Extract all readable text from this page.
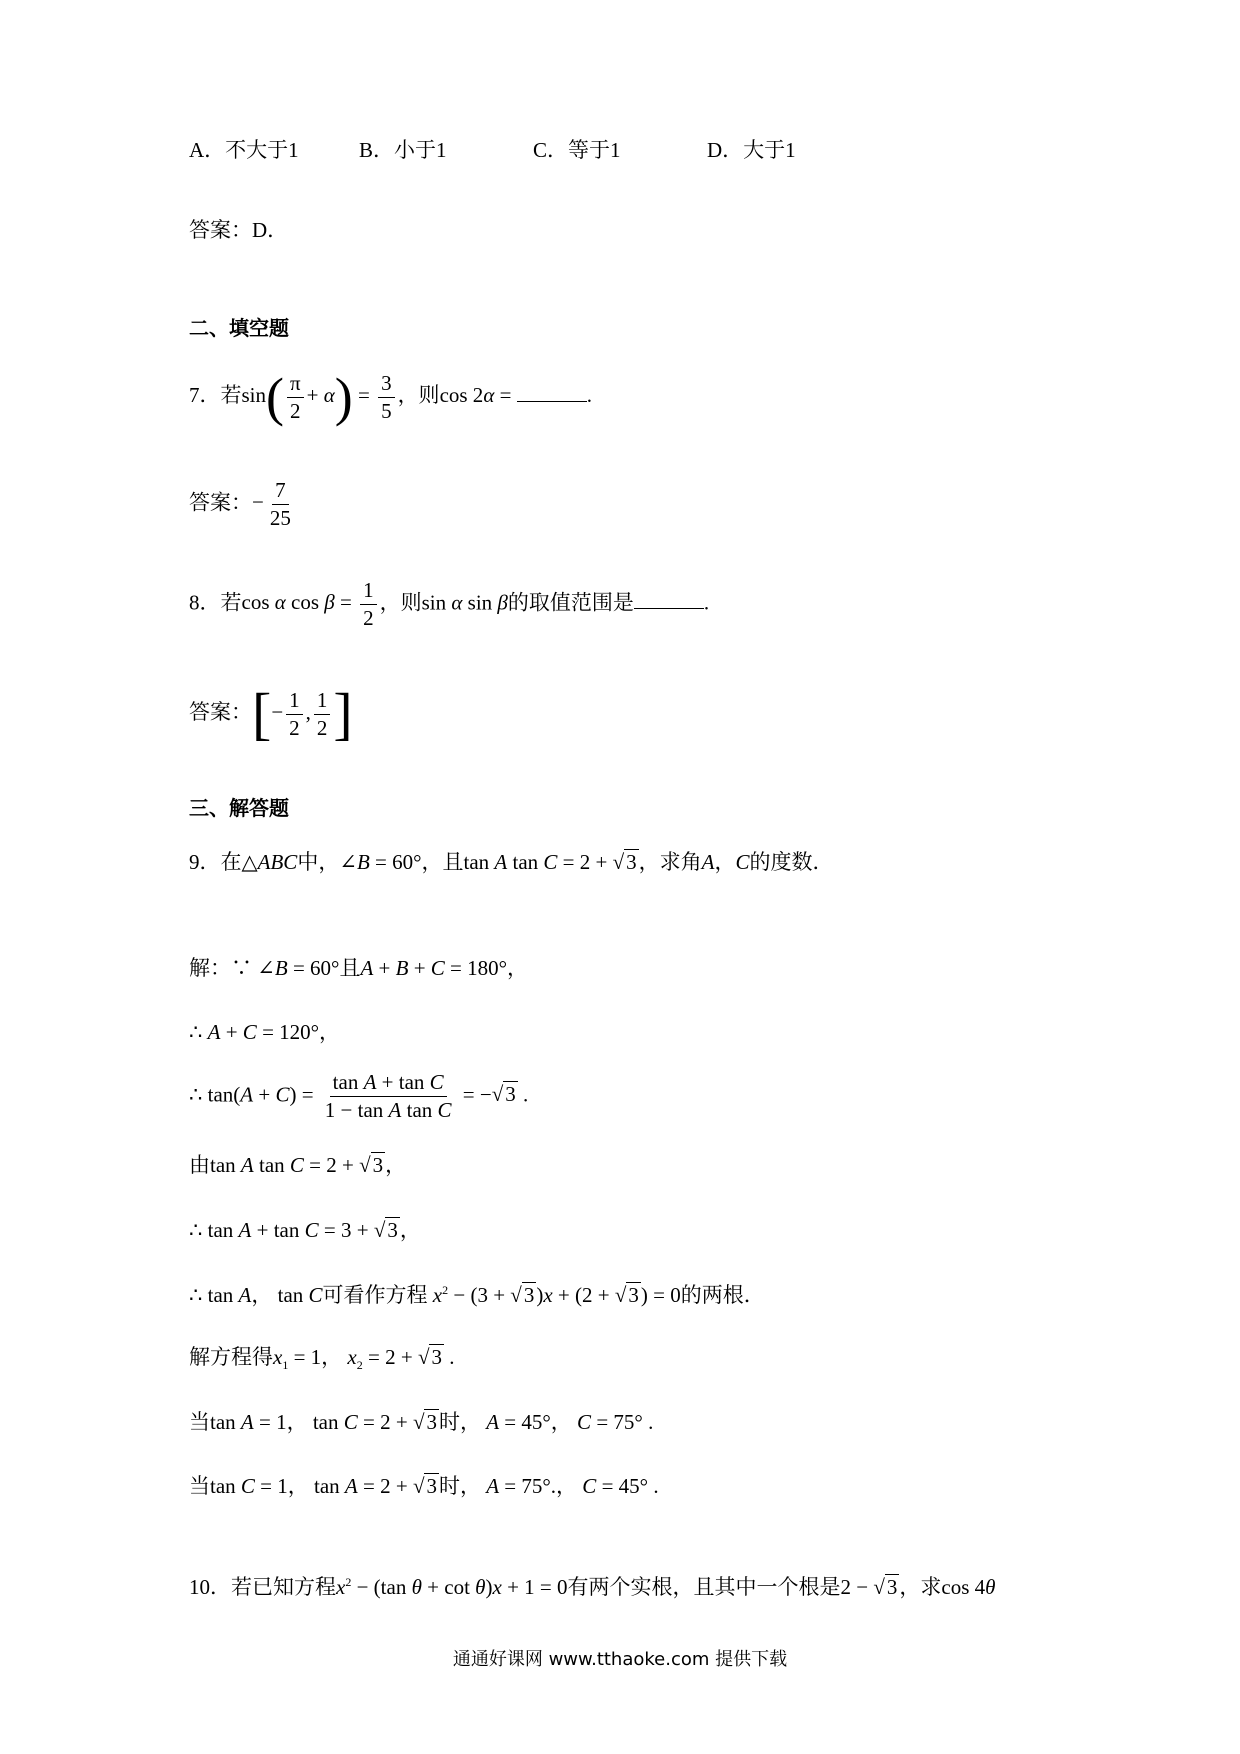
A．不大于1	B．小于1	C．等于1	D．大于1
答案：D．
二、填空题
7．若$\sin( \frac{\pi}{2} + \alpha) = \frac{3}{5}$ ，则cos 2α =	.
答案：− $\frac{7}{25}$
8．若cos α $\cos \beta = \frac{1}{2}$ ，则sin α sin β的取值范围是	.
答案：[− $\frac{1}{2}$ , $\frac{1}{2}$ ]
三、解答题
9．在△ABC中，∠B = 60°，且tan A tan C = 2 + √3，求角A，C的度数．
解：∵ ∠B = 60°且A + B + C = 180°，
∴ A + C = 120°，
∴ $\tan(A + C) = \frac{\text{tan A + tan C}}{\text{1 − tan A tan C}} = -√3$ .
由tan A tan C = 2 + √3，
∴ tan A + tan C = 3 + √3，
∴ tan A， tan C可看作方程 $x^2 - (3 + √3)x + (2 + √3) = 0$的两根．
解方程得$x_1 = 1$， $x_2 = 2 + √3$ .
当tan A = 1， tan C = 2 + √3时， A = 45°， C = 75° .
当tan C = 1， tan A = 2 + √3时， A = 75°.， C = 45° .
10．若已知方程$x^2 - (\tan$ θ + cot θ)x + 1 = 0有两个实根，且其中一个根是2 − √3，求cos 4θ
通通好课网 www.tthaoke.com 提供下载
